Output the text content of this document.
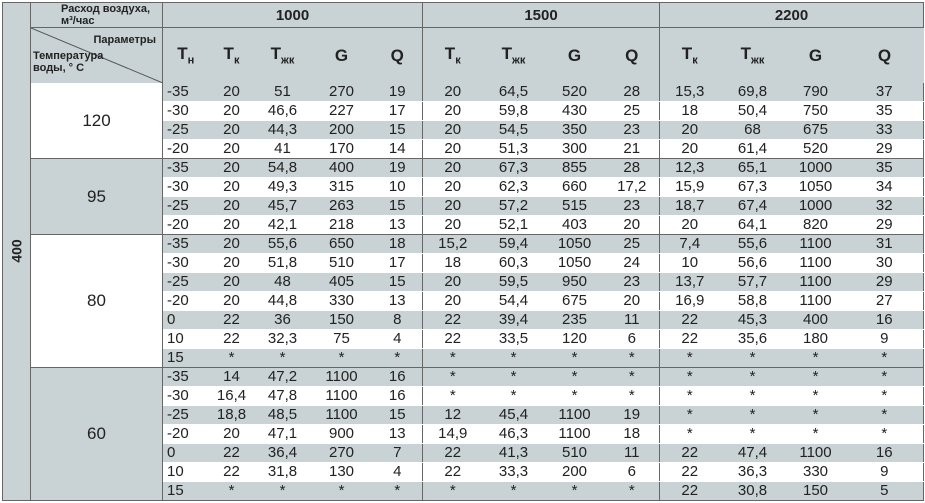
400	Расход воздуха, м³/час	1000					1500				2200			

	Параметры
Температура
воды, ° С	$Т_н$	$Т_к$	$Т_{жк}$	G	Q	$Т_к$	$Т_{жк}$	G	Q	$Т_к$	$Т_{жк}$	G	Q
	120	-35	20	51	270	19	20	64,5	520	28	15,3	69,8	790	37
		-30	20	46,6	227	17	20	59,8	430	25	18	50,4	750	35
		-25	20	44,3	200	15	20	54,5	350	23	20	68	675	33
		-20	20	41	170	14	20	51,3	300	21	20	61,4	520	29
	95	-35	20	54,8	400	19	20	67,3	855	28	12,3	65,1	1000	35
		-30	20	49,3	315	10	20	62,3	660	17,2	15,9	67,3	1050	34
		-25	20	45,7	263	15	20	57,2	515	23	18,7	67,4	1000	32
		-20	20	42,1	218	13	20	52,1	403	20	20	64,1	820	29
	80	-35	20	55,6	650	18	15,2	59,4	1050	25	7,4	55,6	1100	31
		-30	20	51,8	510	17	18	60,3	1050	24	10	56,6	1100	30
		-25	20	48	405	15	20	59,5	950	23	13,7	57,7	1100	29
		-20	20	44,8	330	13	20	54,4	675	20	16,9	58,8	1100	27
		0	22	36	150	8	22	39,4	235	11	22	45,3	400	16
		10	22	32,3	75	4	22	33,5	120	6	22	35,6	180	9
		15	*	*	*	*	*	*	*	*	*	*	*	*
	60	-35	14	47,2	1100	16	*	*	*	*	*	*	*	*
		-30	16,4	47,8	1100	16	*	*	*	*	*	*	*	*
		-25	18,8	48,5	1100	15	12	45,4	1100	19	*	*	*	*
		-20	20	47,1	900	13	14,9	46,3	1100	18	*	*	*	*
		0	22	36,4	270	7	22	41,3	510	11	22	47,4	1100	16
		10	22	31,8	130	4	22	33,3	200	6	22	36,3	330	9
		15	*	*	*	*	*	*	*	*	22	30,8	150	5
